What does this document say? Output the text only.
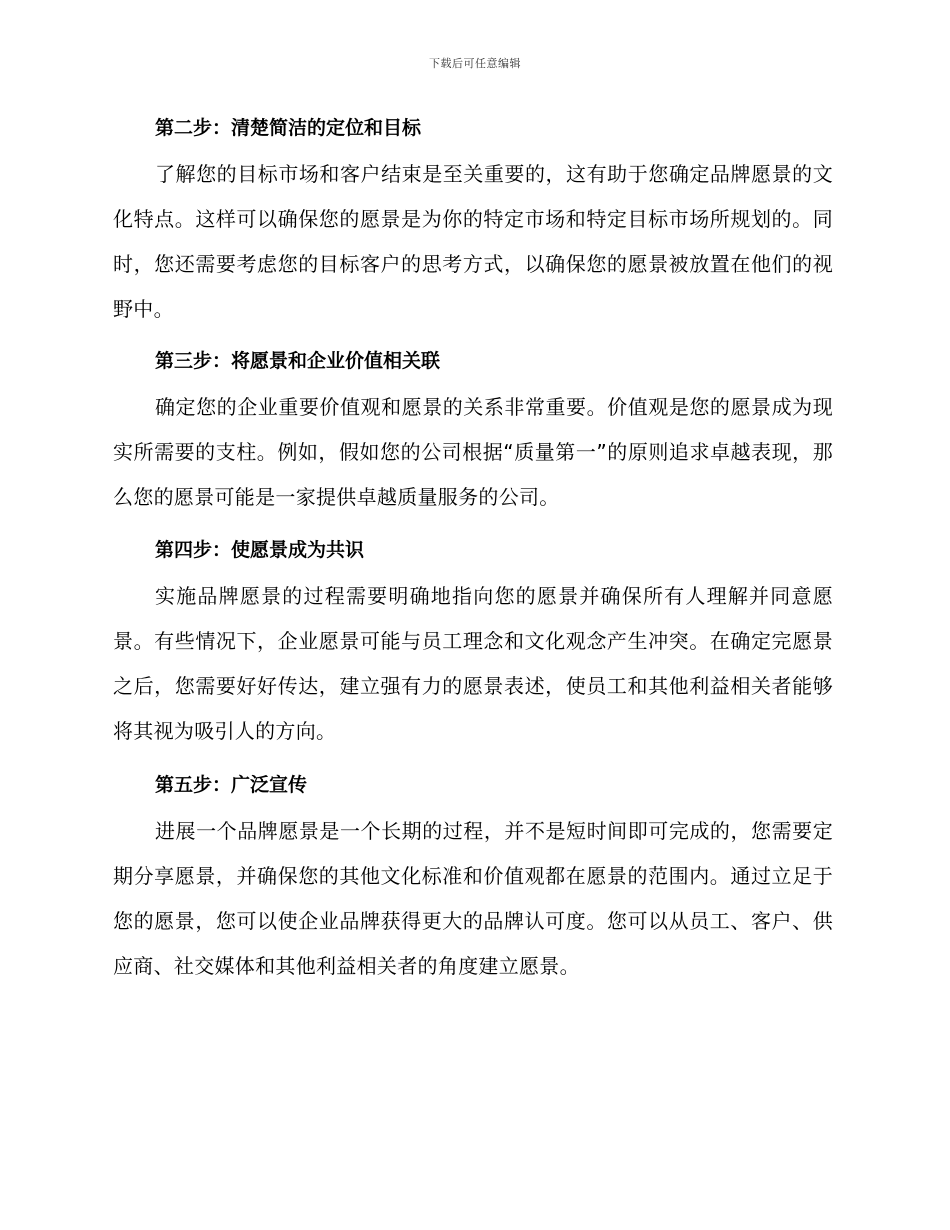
下载后可任意编辑
第二步：清楚简洁的定位和目标

了解您的目标市场和客户结束是至关重要的，这有助于您确定品牌愿景的文化特点。这样可以确保您的愿景是为你的特定市场和特定目标市场所规划的。同时，您还需要考虑您的目标客户的思考方式，以确保您的愿景被放置在他们的视野中。

第三步：将愿景和企业价值相关联

确定您的企业重要价值观和愿景的关系非常重要。价值观是您的愿景成为现实所需要的支柱。例如，假如您的公司根据“质量第一”的原则追求卓越表现，那么您的愿景可能是一家提供卓越质量服务的公司。

第四步：使愿景成为共识

实施品牌愿景的过程需要明确地指向您的愿景并确保所有人理解并同意愿景。有些情况下，企业愿景可能与员工理念和文化观念产生冲突。在确定完愿景之后，您需要好好传达，建立强有力的愿景表述，使员工和其他利益相关者能够将其视为吸引人的方向。

第五步：广泛宣传

进展一个品牌愿景是一个长期的过程，并不是短时间即可完成的，您需要定期分享愿景，并确保您的其他文化标准和价值观都在愿景的范围内。通过立足于您的愿景，您可以使企业品牌获得更大的品牌认可度。您可以从员工、客户、供应商、社交媒体和其他利益相关者的角度建立愿景。
